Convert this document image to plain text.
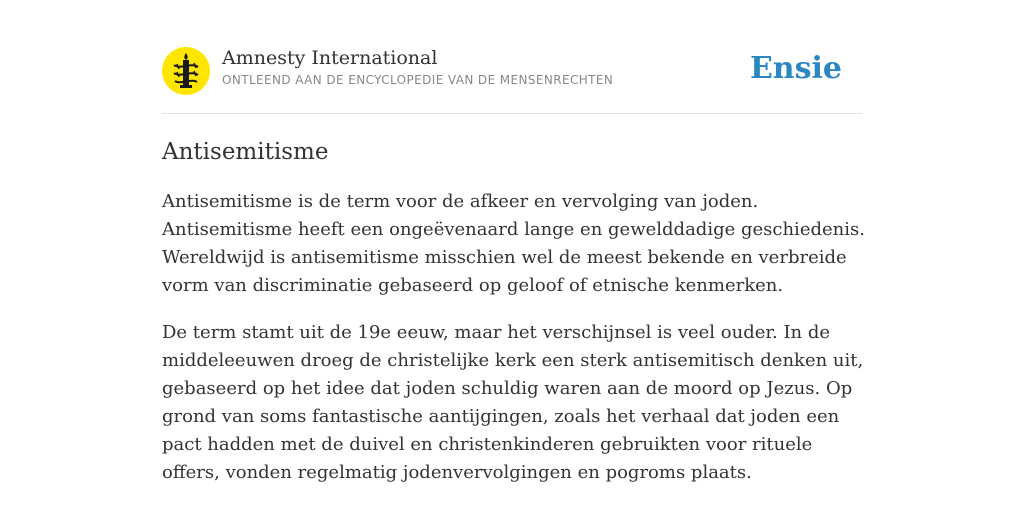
Amnesty International
ONTLEEND AAN DE ENCYCLOPEDIE VAN DE MENSENRECHTEN	Ensie
Antisemitisme

Antisemitisme is de term voor de afkeer en vervolging van joden. Antisemitisme heeft een ongeëvenaard lange en gewelddadige geschiedenis. Wereldwijd is antisemitisme misschien wel de meest bekende en verbreide vorm van discriminatie gebaseerd op geloof of etnische kenmerken.

De term stamt uit de 19e eeuw, maar het verschijnsel is veel ouder. In de middeleeuwen droeg de christelijke kerk een sterk antisemitisch denken uit, gebaseerd op het idee dat joden schuldig waren aan de moord op Jezus. Op grond van soms fantastische aantijgingen, zoals het verhaal dat joden een pact hadden met de duivel en christenkinderen gebruikten voor rituele offers, vonden regelmatig jodenvervolgingen en pogroms plaats.
